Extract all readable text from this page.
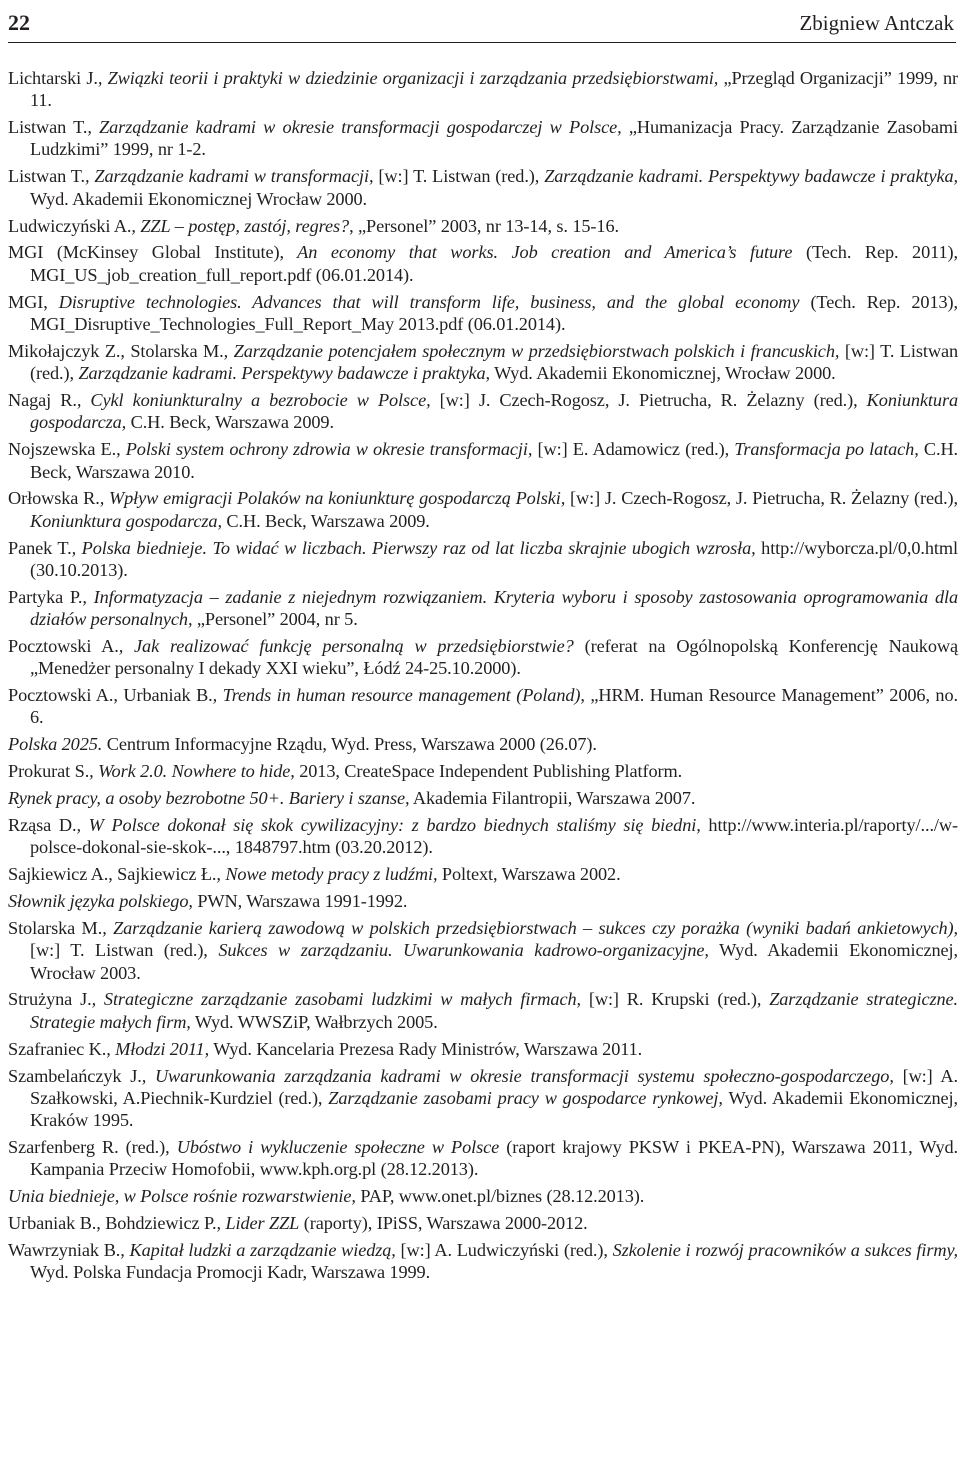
22	Zbigniew Antczak

Lichtarski J., Związki teorii i praktyki w dziedzinie organizacji i zarządzania przedsiębiorstwami, „Przegląd Organizacji” 1999, nr 11.

Listwan T., Zarządzanie kadrami w okresie transformacji gospodarczej w Polsce, „Humanizacja Pracy. Zarządzanie Zasobami Ludzkimi” 1999, nr 1-2.

Listwan T., Zarządzanie kadrami w transformacji, [w:] T. Listwan (red.), Zarządzanie kadrami. Perspektywy badawcze i praktyka, Wyd. Akademii Ekonomicznej Wrocław 2000.

Ludwiczyński A., ZZL – postęp, zastój, regres?, „Personel” 2003, nr 13-14, s. 15-16.

MGI (McKinsey Global Institute), An economy that works. Job creation and America’s future (Tech. Rep. 2011), MGI_US_job_creation_full_report.pdf (06.01.2014).

MGI, Disruptive technologies. Advances that will transform life, business, and the global economy (Tech. Rep. 2013), MGI_Disruptive_Technologies_Full_Report_May 2013.pdf (06.01.2014).

Mikołajczyk Z., Stolarska M., Zarządzanie potencjałem społecznym w przedsiębiorstwach polskich i francuskich, [w:] T. Listwan (red.), Zarządzanie kadrami. Perspektywy badawcze i praktyka, Wyd. Akademii Ekonomicznej, Wrocław 2000.

Nagaj R., Cykl koniunkturalny a bezrobocie w Polsce, [w:] J. Czech-Rogosz, J. Pietrucha, R. Żelazny (red.), Koniunktura gospodarcza, C.H. Beck, Warszawa 2009.

Nojszewska E., Polski system ochrony zdrowia w okresie transformacji, [w:] E. Adamowicz (red.), Transformacja po latach, C.H. Beck, Warszawa 2010.

Orłowska R., Wpływ emigracji Polaków na koniunkturę gospodarczą Polski, [w:] J. Czech-Rogosz, J. Pietrucha, R. Żelazny (red.), Koniunktura gospodarcza, C.H. Beck, Warszawa 2009.

Panek T., Polska biednieje. To widać w liczbach. Pierwszy raz od lat liczba skrajnie ubogich wzrosła, http://wyborcza.pl/0,0.html (30.10.2013).

Partyka P., Informatyzacja – zadanie z niejednym rozwiązaniem. Kryteria wyboru i sposoby zastosowania oprogramowania dla działów personalnych, „Personel” 2004, nr 5.

Pocztowski A., Jak realizować funkcję personalną w przedsiębiorstwie? (referat na Ogólnopolską Konferencję Naukową „Menedżer personalny I dekady XXI wieku”, Łódź 24-25.10.2000).

Pocztowski A., Urbaniak B., Trends in human resource management (Poland), „HRM. Human Resource Management” 2006, no. 6.

Polska 2025. Centrum Informacyjne Rządu, Wyd. Press, Warszawa 2000 (26.07).

Prokurat S., Work 2.0. Nowhere to hide, 2013, CreateSpace Independent Publishing Platform.

Rynek pracy, a osoby bezrobotne 50+. Bariery i szanse, Akademia Filantropii, Warszawa 2007.

Rząsa D., W Polsce dokonał się skok cywilizacyjny: z bardzo biednych staliśmy się biedni, http://www.interia.pl/raporty/.../w-polsce-dokonal-sie-skok-..., 1848797.htm (03.20.2012).

Sajkiewicz A., Sajkiewicz Ł., Nowe metody pracy z ludźmi, Poltext, Warszawa 2002.

Słownik języka polskiego, PWN, Warszawa 1991-1992.

Stolarska M., Zarządzanie karierą zawodową w polskich przedsiębiorstwach – sukces czy porażka (wyniki badań ankietowych), [w:] T. Listwan (red.), Sukces w zarządzaniu. Uwarunkowania kadrowo-organizacyjne, Wyd. Akademii Ekonomicznej, Wrocław 2003.

Strużyna J., Strategiczne zarządzanie zasobami ludzkimi w małych firmach, [w:] R. Krupski (red.), Zarządzanie strategiczne. Strategie małych firm, Wyd. WWSZiP, Wałbrzych 2005.

Szafraniec K., Młodzi 2011, Wyd. Kancelaria Prezesa Rady Ministrów, Warszawa 2011.

Szambelańczyk J., Uwarunkowania zarządzania kadrami w okresie transformacji systemu społeczno-gospodarczego, [w:] A. Szałkowski, A.Piechnik-Kurdziel (red.), Zarządzanie zasobami pracy w gospodarce rynkowej, Wyd. Akademii Ekonomicznej, Kraków 1995.

Szarfenberg R. (red.), Ubóstwo i wykluczenie społeczne w Polsce (raport krajowy PKSW i PKEA-PN), Warszawa 2011, Wyd. Kampania Przeciw Homofobii, www.kph.org.pl (28.12.2013).

Unia biednieje, w Polsce rośnie rozwarstwienie, PAP, www.onet.pl/biznes (28.12.2013).

Urbaniak B., Bohdziewicz P., Lider ZZL (raporty), IPiSS, Warszawa 2000-2012.

Wawrzyniak B., Kapitał ludzki a zarządzanie wiedzą, [w:] A. Ludwiczyński (red.), Szkolenie i rozwój pracowników a sukces firmy, Wyd. Polska Fundacja Promocji Kadr, Warszawa 1999.
